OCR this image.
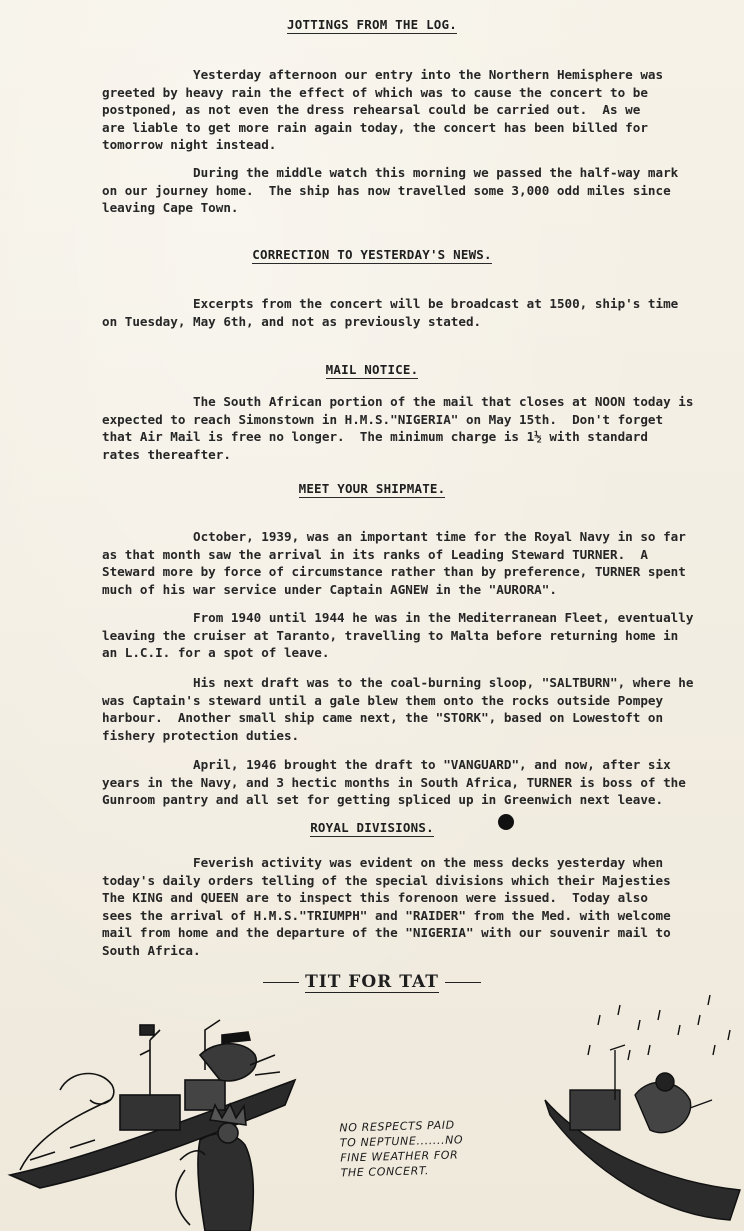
JOTTINGS FROM THE LOG.
Yesterday afternoon our entry into the Northern Hemisphere was
greeted by heavy rain the effect of which was to cause the concert to be
postponed, as not even the dress rehearsal could be carried out.  As we
are liable to get more rain again today, the concert has been billed for
tomorrow night instead.
During the middle watch this morning we passed the half-way mark
on our journey home.  The ship has now travelled some 3,000 odd miles since
leaving Cape Town.
CORRECTION TO YESTERDAY'S NEWS.
Excerpts from the concert will be broadcast at 1500, ship's time
on Tuesday, May 6th, and not as previously stated.
MAIL NOTICE.
The South African portion of the mail that closes at NOON today is
expected to reach Simonstown in H.M.S."NIGERIA" on May 15th.  Don't forget
that Air Mail is free no longer.  The minimum charge is 1½ with standard
rates thereafter.
MEET YOUR SHIPMATE.
October, 1939, was an important time for the Royal Navy in so far
as that month saw the arrival in its ranks of Leading Steward TURNER.  A
Steward more by force of circumstance rather than by preference, TURNER spent
much of his war service under Captain AGNEW in the "AURORA".
From 1940 until 1944 he was in the Mediterranean Fleet, eventually
leaving the cruiser at Taranto, travelling to Malta before returning home in
an L.C.I. for a spot of leave.
His next draft was to the coal-burning sloop, "SALTBURN", where he
was Captain's steward until a gale blew them onto the rocks outside Pompey
harbour.  Another small ship came next, the "STORK", based on Lowestoft on
fishery protection duties.
April, 1946 brought the draft to "VANGUARD", and now, after six
years in the Navy, and 3 hectic months in South Africa, TURNER is boss of the
Gunroom pantry and all set for getting spliced up in Greenwich next leave.
ROYAL DIVISIONS.
Feverish activity was evident on the mess decks yesterday when
today's daily orders telling of the special divisions which their Majesties
The KING and QUEEN are to inspect this forenoon were issued.  Today also
sees the arrival of H.M.S."TRIUMPH" and "RAIDER" from the Med. with welcome
mail from home and the departure of the "NIGERIA" with our souvenir mail to
South Africa.
TIT FOR TAT
NO RESPECTS PAID
TO NEPTUNE.......NO
FINE WEATHER FOR
THE CONCERT.
